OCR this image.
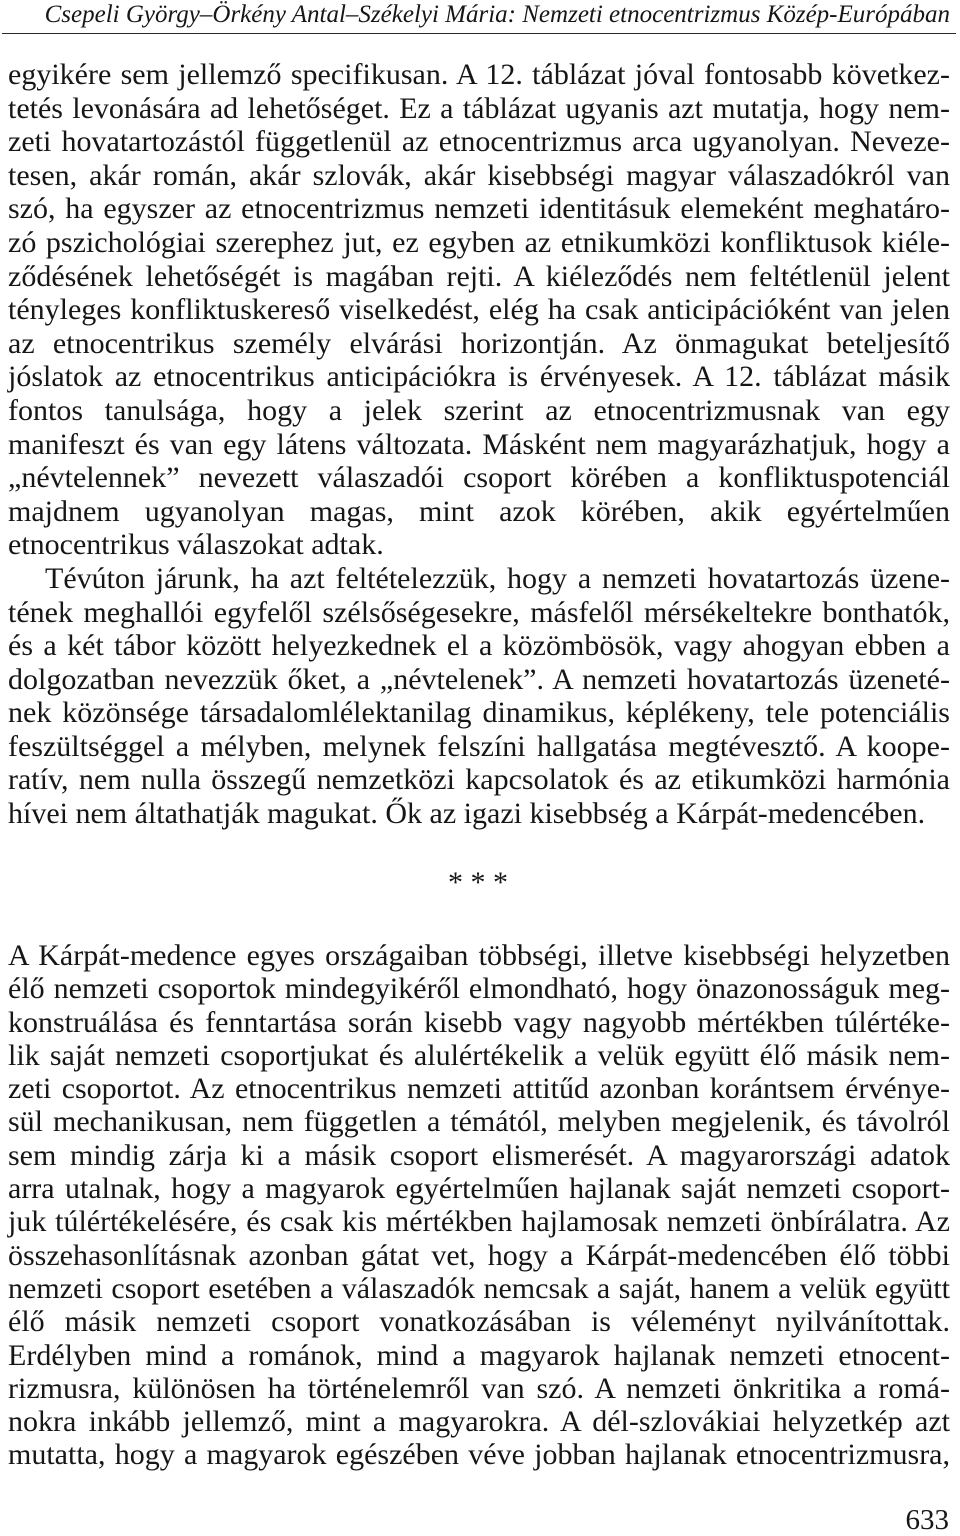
Csepeli György–Örkény Antal–Székelyi Mária: Nemzeti etnocentrizmus Közép-Európában
egyikére sem jellemző specifikusan. A 12. táblázat jóval fontosabb következ-
tetés levonására ad lehetőséget. Ez a táblázat ugyanis azt mutatja, hogy nem-
zeti hovatartozástól függetlenül az etnocentrizmus arca ugyanolyan. Neveze-
tesen, akár román, akár szlovák, akár kisebbségi magyar válaszadókról van
szó, ha egyszer az etnocentrizmus nemzeti identitásuk elemeként meghatáro-
zó pszichológiai szerephez jut, ez egyben az etnikumközi konfliktusok kiéle-
ződésének lehetőségét is magában rejti. A kiéleződés nem feltétlenül jelent
tényleges konfliktuskereső viselkedést, elég ha csak anticipációként van jelen
az etnocentrikus személy elvárási horizontján. Az önmagukat beteljesítő
jóslatok az etnocentrikus anticipációkra is érvényesek. A 12. táblázat másik
fontos tanulsága, hogy a jelek szerint az etnocentrizmusnak van egy
manifeszt és van egy látens változata. Másként nem magyarázhatjuk, hogy a
„névtelennek” nevezett válaszadói csoport körében a konfliktuspotenciál
majdnem ugyanolyan magas, mint azok körében, akik egyértelműen
etnocentrikus válaszokat adtak.
Tévúton járunk, ha azt feltételezzük, hogy a nemzeti hovatartozás üzene-
tének meghallói egyfelől szélsőségesekre, másfelől mérsékeltekre bonthatók,
és a két tábor között helyezkednek el a közömbösök, vagy ahogyan ebben a
dolgozatban nevezzük őket, a „névtelenek”. A nemzeti hovatartozás üzeneté-
nek közönsége társadalomlélektanilag dinamikus, képlékeny, tele potenciális
feszültséggel a mélyben, melynek felszíni hallgatása megtévesztő. A koope-
ratív, nem nulla összegű nemzetközi kapcsolatok és az etikumközi harmónia
hívei nem áltathatják magukat. Ők az igazi kisebbség a Kárpát-medencében.
* * *
A Kárpát-medence egyes országaiban többségi, illetve kisebbségi helyzetben
élő nemzeti csoportok mindegyikéről elmondható, hogy önazonosságuk meg-
konstruálása és fenntartása során kisebb vagy nagyobb mértékben túlértéke-
lik saját nemzeti csoportjukat és alulértékelik a velük együtt élő másik nem-
zeti csoportot. Az etnocentrikus nemzeti attitűd azonban korántsem érvénye-
sül mechanikusan, nem független a témától, melyben megjelenik, és távolról
sem mindig zárja ki a másik csoport elismerését. A magyarországi adatok
arra utalnak, hogy a magyarok egyértelműen hajlanak saját nemzeti csoport-
juk túlértékelésére, és csak kis mértékben hajlamosak nemzeti önbírálatra. Az
összehasonlításnak azonban gátat vet, hogy a Kárpát-medencében élő többi
nemzeti csoport esetében a válaszadók nemcsak a saját, hanem a velük együtt
élő másik nemzeti csoport vonatkozásában is véleményt nyilvánítottak.
Erdélyben mind a románok, mind a magyarok hajlanak nemzeti etnocent-
rizmusra, különösen ha történelemről van szó. A nemzeti önkritika a romá-
nokra inkább jellemző, mint a magyarokra. A dél-szlovákiai helyzetkép azt
mutatta, hogy a magyarok egészében véve jobban hajlanak etnocentrizmusra,
633
